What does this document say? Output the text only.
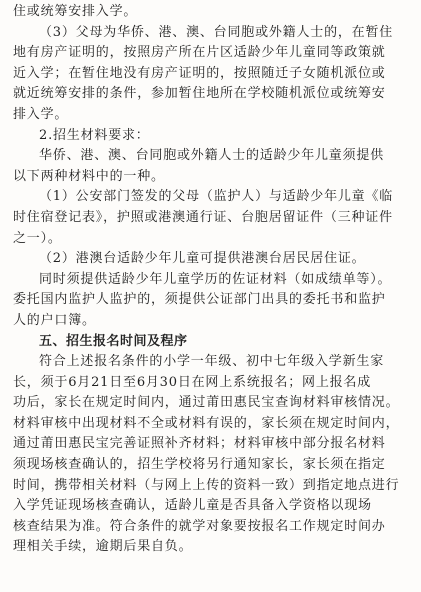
住或统筹安排入学。
（3）父母为华侨、港、澳、台同胞或外籍人士的，在暂住
地有房产证明的，按照房产所在片区适龄少年儿童同等政策就
近入学；在暂住地没有房产证明的，按照随迁子女随机派位或
就近统筹安排的条件，参加暂住地所在学校随机派位或统筹安
排入学。
2.招生材料要求：
华侨、港、澳、台同胞或外籍人士的适龄少年儿童须提供
以下两种材料中的一种。
（1）公安部门签发的父母（监护人）与适龄少年儿童《临
时住宿登记表》，护照或港澳通行证、台胞居留证件（三种证件
之一）。
（2）港澳台适龄少年儿童可提供港澳台居民居住证。
同时须提供适龄少年儿童学历的佐证材料（如成绩单等）。
委托国内监护人监护的，须提供公证部门出具的委托书和监护
人的户口簿。
五、招生报名时间及程序
符合上述报名条件的小学一年级、初中七年级入学新生家
长，须于6月21日至6月30日在网上系统报名；网上报名成
功后，家长在规定时间内，通过莆田惠民宝查询材料审核情况。
材料审核中出现材料不全或材料有误的，家长须在规定时间内，
通过莆田惠民宝完善证照补齐材料；材料审核中部分报名材料
须现场核查确认的，招生学校将另行通知家长，家长须在指定
时间，携带相关材料（与网上上传的资料一致）到指定地点进行
入学凭证现场核查确认，适龄儿童是否具备入学资格以现场
核查结果为准。符合条件的就学对象要按报名工作规定时间办
理相关手续，逾期后果自负。
